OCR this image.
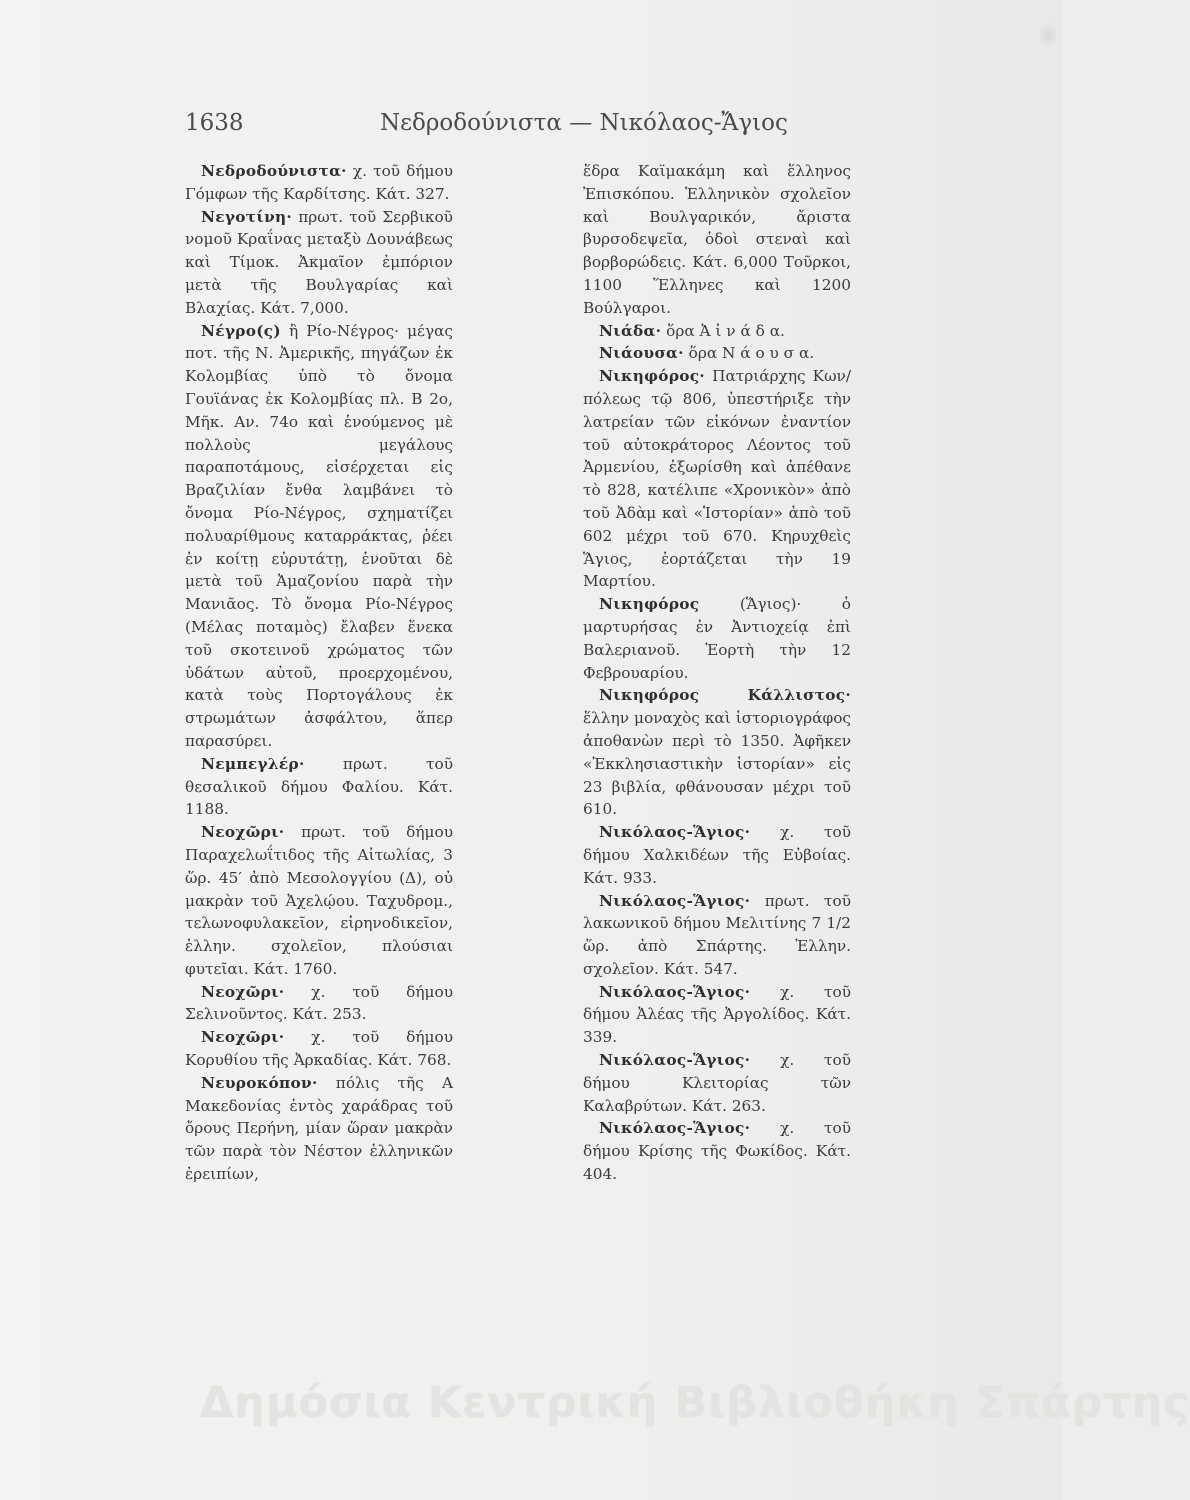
1638	Νεδροδούνιστα — Νικόλαος-Ἄγιος

Νεδροδούνιστα· χ. τοῦ δήμου Γόμφων τῆς Καρδίτσης. Κάτ. 327.

Νεγοτίνη· πρωτ. τοῦ Σερβικοῦ νομοῦ Κραΐνας μεταξὺ Δουνάβεως καὶ Τίμοκ. Ἀκμαῖον ἐμπόριον μετὰ τῆς Βουλγαρίας καὶ Βλαχίας. Κάτ. 7,000.

Νέγρο(ς) ἢ Ρίο-Νέγρος· μέγας ποτ. τῆς Ν. Ἀμερικῆς, πηγάζων ἐκ Κολομβίας ὑπὸ τὸ ὄνομα Γουϊάνας ἐκ Κολομβίας πλ. Β 2ο, Μῆκ. Αν. 74ο καὶ ἑνούμενος μὲ πολλοὺς μεγάλους παραποτάμους, εἰσέρχεται εἰς Βραζιλίαν ἔνθα λαμβάνει τὸ ὄνομα Ρίο-Νέγρος, σχηματίζει πολυαρίθμους καταρράκτας, ῥέει ἐν κοίτῃ εὐρυτάτῃ, ἑνοῦται δὲ μετὰ τοῦ Ἀμαζονίου παρὰ τὴν Μανιᾶος. Τὸ ὄνομα Ρίο-Νέγρος (Μέλας ποταμὸς) ἔλαβεν ἕνεκα τοῦ σκοτεινοῦ χρώματος τῶν ὑδάτων αὐτοῦ, προερχομένου, κατὰ τοὺς Πορτογάλους ἐκ στρωμάτων ἀσφάλτου, ἅπερ παρασύρει.

Νεμπεγλέρ· πρωτ. τοῦ θεσαλικοῦ δήμου Φαλίου. Κάτ. 1188.

Νεοχῶρι· πρωτ. τοῦ δήμου Παραχελωΐτιδος τῆς Αἰτωλίας, 3 ὥρ. 45′ ἀπὸ Μεσολογγίου (Δ), οὐ μακρὰν τοῦ Ἀχελῴου. Ταχυδρομ., τελωνοφυλακεῖον, εἰρηνοδικεῖον, ἑλλην. σχολεῖον, πλούσιαι φυτεῖαι. Κάτ. 1760.

Νεοχῶρι· χ. τοῦ δήμου Σελινοῦντος. Κάτ. 253.

Νεοχῶρι· χ. τοῦ δήμου Κορυθίου τῆς Ἀρκαδίας. Κάτ. 768.

Νευροκόπον· πόλις τῆς Α Μακεδονίας ἐντὸς χαράδρας τοῦ ὄρους Περήνη, μίαν ὥραν μακρὰν τῶν παρὰ τὸν Νέστον ἑλληνικῶν ἐρειπίων,

ἕδρα Καϊμακάμη καὶ ἕλληνος Ἐπισκόπου. Ἑλληνικὸν σχολεῖον καὶ Βουλγαρικόν, ἄριστα βυρσοδεψεῖα, ὁδοὶ στεναὶ καὶ βορβορώδεις. Κάτ. 6,000 Τοῦρκοι, 1100 Ἕλληνες καὶ 1200 Βούλγαροι.

Νιάδα· ὅρα Ἀ ἰ ν ά δ α.

Νιάουσα· ὅρα Ν ά ο υ σ α.

Νικηφόρος· Πατριάρχης Κων/πόλεως τῷ 806, ὑπεστήριξε τὴν λατρείαν τῶν εἰκόνων ἐναντίον τοῦ αὐτοκράτορος Λέοντος τοῦ Ἀρμενίου, ἐξωρίσθη καὶ ἀπέθανε τὸ 828, κατέλιπε «Χρονικὸν» ἀπὸ τοῦ Ἀδὰμ καὶ «Ἱστορίαν» ἀπὸ τοῦ 602 μέχρι τοῦ 670. Κηρυχθεὶς Ἅγιος, ἑορτάζεται τὴν 19 Μαρτίου.

Νικηφόρος (Ἅγιος)· ὁ μαρτυρήσας ἐν Ἀντιοχείᾳ ἐπὶ Βαλεριανοῦ. Ἑορτὴ τὴν 12 Φεβρουαρίου.

Νικηφόρος Κάλλιστος· ἕλλην μοναχὸς καὶ ἱστοριογράφος ἀποθανὼν περὶ τὸ 1350. Ἀφῆκεν «Ἐκκλησιαστικὴν ἱστορίαν» εἰς 23 βιβλία, φθάνουσαν μέχρι τοῦ 610.

Νικόλαος-Ἅγιος· χ. τοῦ δήμου Χαλκιδέων τῆς Εὐβοίας. Κάτ. 933.

Νικόλαος-Ἅγιος· πρωτ. τοῦ λακωνικοῦ δήμου Μελιτίνης 7 1/2 ὥρ. ἀπὸ Σπάρτης. Ἑλλην. σχολεῖον. Κάτ. 547.

Νικόλαος-Ἅγιος· χ. τοῦ δήμου Ἀλέας τῆς Ἀργολίδος. Κάτ. 339.

Νικόλαος-Ἅγιος· χ. τοῦ δήμου Κλειτορίας τῶν Καλαβρύτων. Κάτ. 263.

Νικόλαος-Ἅγιος· χ. τοῦ δήμου Κρίσης τῆς Φωκίδος. Κάτ. 404.

Δημόσια Κεντρική Βιβλιοθήκη Σπάρτης
